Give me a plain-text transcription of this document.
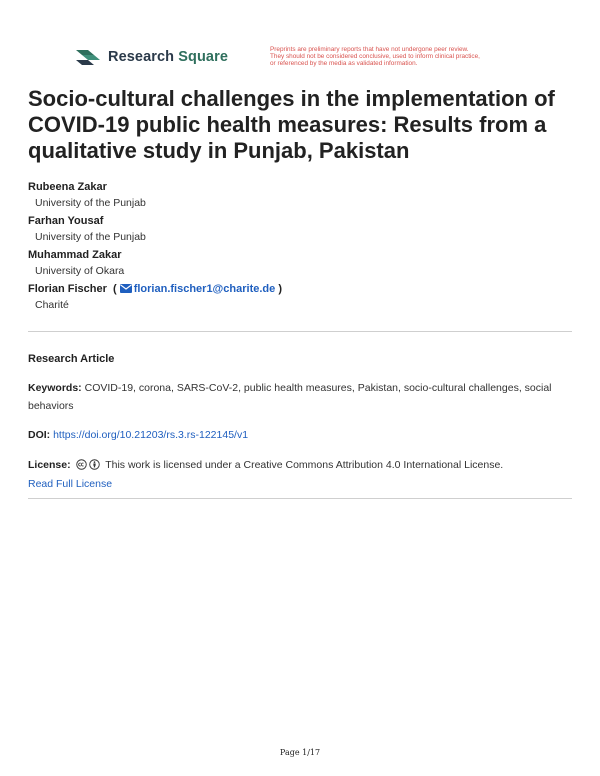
Research Square	Preprints are preliminary reports that have not undergone peer review.
They should not be considered conclusive, used to inform clinical practice,
or referenced by the media as validated information.
Socio-cultural challenges in the implementation of COVID-19 public health measures: Results from a qualitative study in Punjab, Pakistan
Rubeena Zakar
University of the Punjab
Farhan Yousaf
University of the Punjab
Muhammad Zakar
University of Okara
Florian Fischer  ( florian.fischer1@charite.de )
Charité
Research Article
Keywords: COVID-19, corona, SARS-CoV-2, public health measures, Pakistan, socio-cultural challenges, social behaviors
DOI: https://doi.org/10.21203/rs.3.rs-122145/v1
License:	This work is licensed under a Creative Commons Attribution 4.0 International License.
Read Full License
Page 1/17
